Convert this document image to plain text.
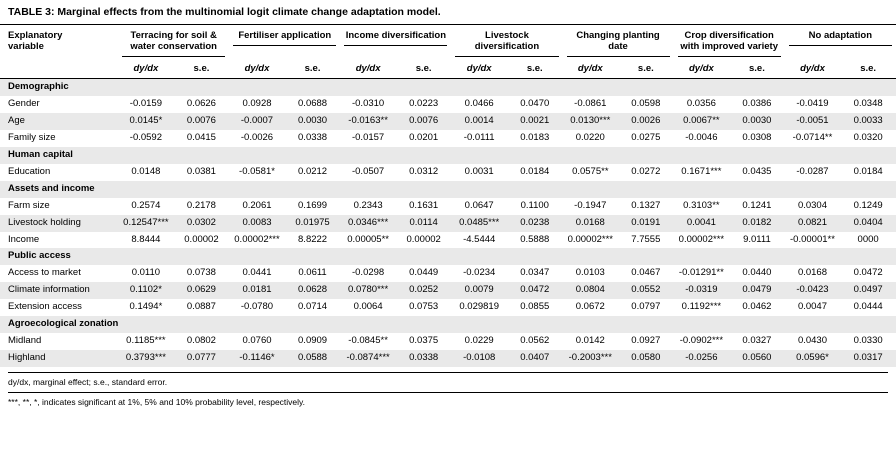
TABLE 3: Marginal effects from the multinomial logit climate change adaptation model.
Explanatory
variable	Terracing for soil & water conservation		Fertiliser application		Income diversification		Livestock diversification		Changing planting date		Crop diversification with improved variety		No adaptation	

	dy/dx	s.e.	dy/dx	s.e.	dy/dx	s.e.	dy/dx	s.e.	dy/dx	s.e.	dy/dx	s.e.	dy/dx	s.e.
Demographic														
Gender	-0.0159	0.0626	0.0928	0.0688	-0.0310	0.0223	0.0466	0.0470	-0.0861	0.0598	0.0356	0.0386	-0.0419	0.0348
Age	0.0145*	0.0076	-0.0007	0.0030	-0.0163**	0.0076	0.0014	0.0021	0.0130***	0.0026	0.0067**	0.0030	-0.0051	0.0033
Family size	-0.0592	0.0415	-0.0026	0.0338	-0.0157	0.0201	-0.0111	0.0183	0.0220	0.0275	-0.0046	0.0308	-0.0714**	0.0320
Human capital														
Education	0.0148	0.0381	-0.0581*	0.0212	-0.0507	0.0312	0.0031	0.0184	0.0575**	0.0272	0.1671***	0.0435	-0.0287	0.0184
Assets and income														
Farm size	0.2574	0.2178	0.2061	0.1699	0.2343	0.1631	0.0647	0.1100	-0.1947	0.1327	0.3103**	0.1241	0.0304	0.1249
Livestock holding	0.12547***	0.0302	0.0083	0.01975	0.0346***	0.0114	0.0485***	0.0238	0.0168	0.0191	0.0041	0.0182	0.0821	0.0404
Income	8.8444	0.00002	0.00002***	8.8222	0.00005**	0.00002	-4.5444	0.5888	0.00002***	7.7555	0.00002***	9.0111	-0.00001**	0000
Public access														
Access to market	0.0110	0.0738	0.0441	0.0611	-0.0298	0.0449	-0.0234	0.0347	0.0103	0.0467	-0.01291**	0.0440	0.0168	0.0472
Climate information	0.1102*	0.0629	0.0181	0.0628	0.0780***	0.0252	0.0079	0.0472	0.0804	0.0552	-0.0319	0.0479	-0.0423	0.0497
Extension access	0.1494*	0.0887	-0.0780	0.0714	0.0064	0.0753	0.029819	0.0855	0.0672	0.0797	0.1192***	0.0462	0.0047	0.0444
Agroecological zonation														
Midland	0.1185***	0.0802	0.0760	0.0909	-0.0845**	0.0375	0.0229	0.0562	0.0142	0.0927	-0.0902***	0.0327	0.0430	0.0330
Highland	0.3793***	0.0777	-0.1146*	0.0588	-0.0874***	0.0338	-0.0108	0.0407	-0.2003***	0.0580	-0.0256	0.0560	0.0596*	0.0317
dy/dx, marginal effect; s.e., standard error.
***, **, *, indicates significant at 1%, 5% and 10% probability level, respectively.
